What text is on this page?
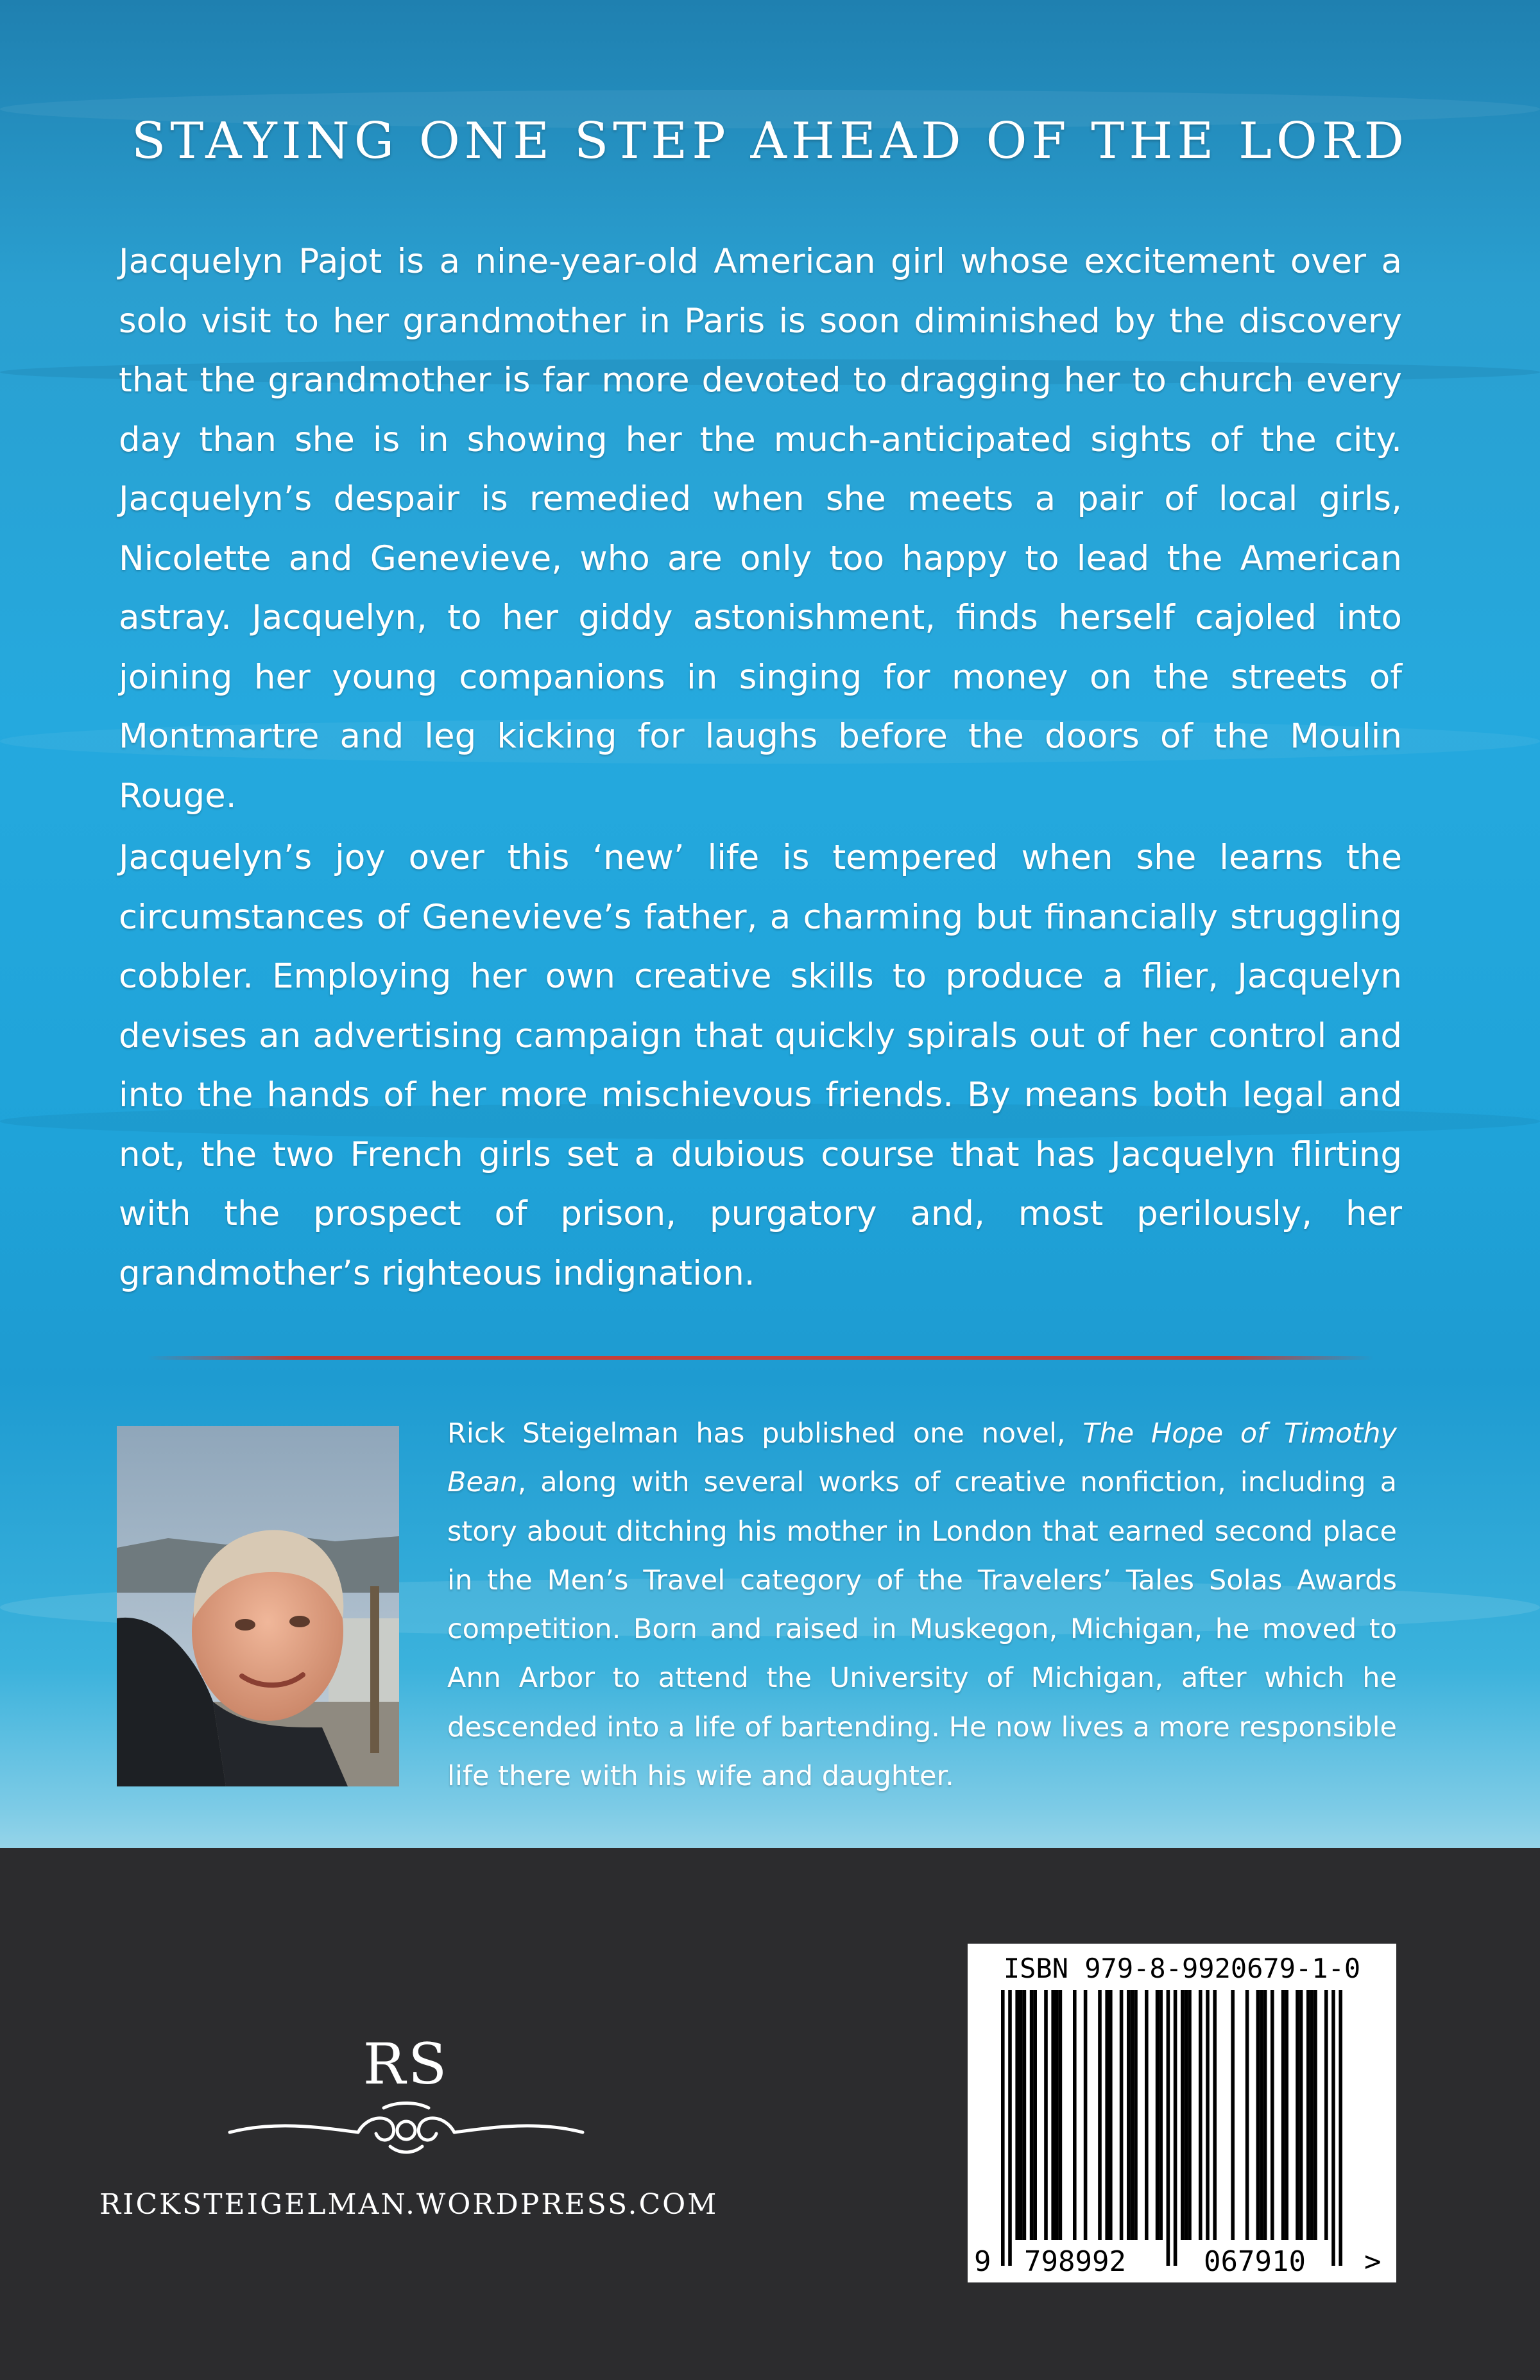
STAYING ONE STEP AHEAD OF THE LORD

Jacquelyn Pajot is a nine-year-old American girl whose excitement over a solo visit to her grandmother in Paris is soon diminished by the discovery that the grandmother is far more devoted to dragging her to church every day than she is in showing her the much-anticipated sights of the city. Jacquelyn’s despair is remedied when she meets a pair of local girls, Nicolette and Genevieve, who are only too happy to lead the American astray. Jacquelyn, to her giddy astonishment, finds herself cajoled into joining her young companions in singing for money on the streets of Montmartre and leg kicking for laughs before the doors of the Moulin Rouge.

Jacquelyn’s joy over this ‘new’ life is tempered when she learns the circumstances of Genevieve’s father, a charming but financially struggling cobbler. Employing her own creative skills to produce a flier, Jacquelyn devises an advertising campaign that quickly spirals out of her control and into the hands of her more mischievous friends. By means both legal and not, the two French girls set a dubious course that has Jacquelyn flirting with the prospect of prison, purgatory and, most perilously, her grandmother’s righteous indignation.

Rick Steigelman has published one novel, The Hope of Timothy Bean, along with several works of creative nonfiction, including a story about ditching his mother in London that earned second place in the Men’s Travel category of the Travelers’ Tales Solas Awards competition. Born and raised in Muskegon, Michigan, he moved to Ann Arbor to attend the University of Michigan, after which he descended into a life of bartending. He now lives a more responsible life there with his wife and daughter.

RS
RICKSTEIGELMAN.WORDPRESS.COM
ISBN 979-8-9920679-1-0
9 798992	067910 >
